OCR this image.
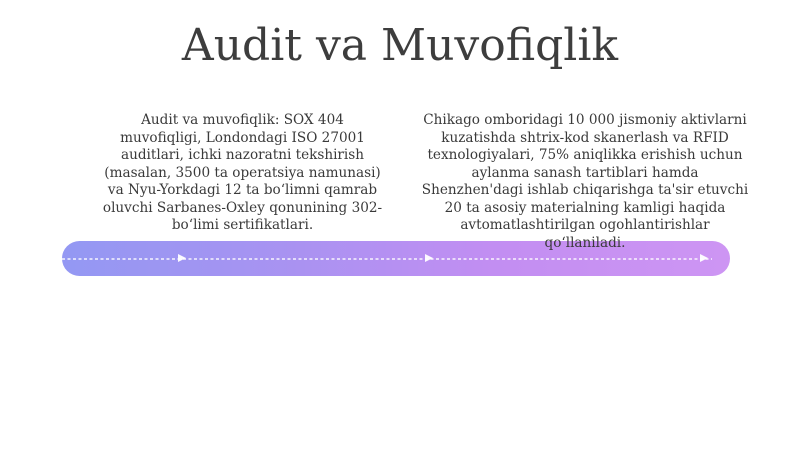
Audit va Muvofiqlik
Audit va muvofiqlik: SOX 404 muvofiqligi, Londondagi ISO 27001 auditlari, ichki nazoratni tekshirish (masalan, 3500 ta operatsiya namunasi) va Nyu-Yorkdagi 12 ta bo‘limni qamrab oluvchi Sarbanes-Oxley qonunining 302-bo‘limi sertifikatlari.
Chikago omboridagi 10 000 jismoniy aktivlarni kuzatishda shtrix-kod skanerlash va RFID texnologiyalari, 75% aniqlikka erishish uchun aylanma sanash tartiblari hamda Shenzhen'dagi ishlab chiqarishga ta'sir etuvchi 20 ta asosiy materialning kamligi haqida avtomatlashtirilgan ogohlantirishlar qo‘llaniladi.
